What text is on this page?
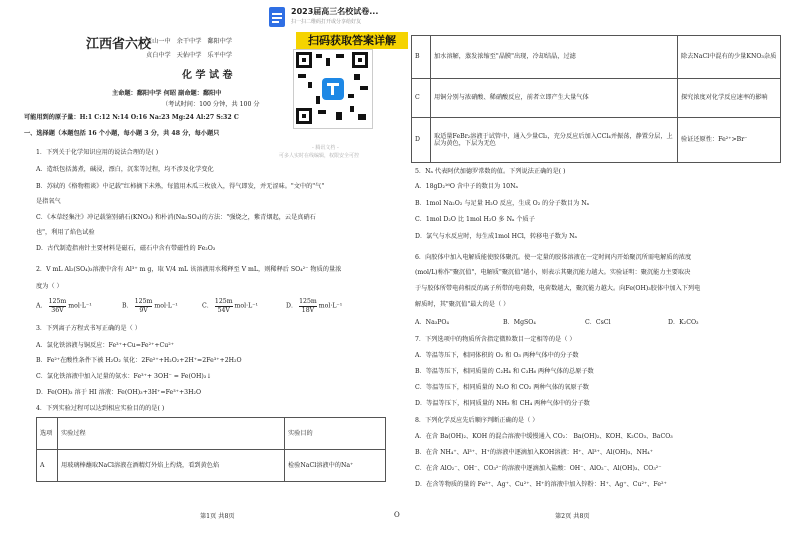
江西省六校
玉山一中 余干中学 鄱阳中学
贞白中学 天佑中学 乐平中学
化 学 试 卷
主命题：鄱阳中学 何昭 副命题：鄱阳中
（考试时间：100 分钟，共 100 分
可能用到的原子量：H:1 C:12 N:14 O:16 Na:23 Mg:24 Al:27 S:32 C
一、选择题（本题包括 16 个小题，每小题 3 分，共 48 分，每小题只
1．下列关于化学知识应用的说法合理的是( )
A．造纸包括蒸煮，碱浸，漂白，沉浆等过程，均不涉及化学变化
B．苏轼的《格物粗谈》中记载"红柿摘下未熟，每篮用木瓜三枚放入，得气即发，并无涩味。"文中的"气"
是指氧气
C．《本草经集注》冲记载鉴别硝石(KNO₃) 和朴消(Na₂SO₄)的方法："强烧之，紫青烟起，云是真硝石
也"，利用了焰色试验
D．古代制造指南针主要材料是磁石，磁石中含有带磁性的 Fe₂O₃
2．V mL Al₂(SO₄)₃溶液中含有 Al³⁺ m g，取 V/4 mL 该溶液用水稀释至 V mL，则稀释后 SO₄²⁻ 物质的量浓
度为（ ）
A． $\frac{125m}{36V} mol\cdot L^{-1}$	B． $\frac{125m}{9V} mol\cdot L^{-1}$	C． $\frac{125m}{54V} mol\cdot L^{-1}$	D． $\frac{125m}{18V} mol\cdot L^{-1}$
3．下列离子方程式书写正确的是（ ）
A．氯化铁溶液与铜反应：Fe³⁺+Cu=Fe²⁺+Cu²⁺
B．Fe²⁺在酸性条件下被 H₂O₂ 氧化：2Fe²⁺+H₂O₂+2H⁺=2Fe³⁺+2H₂O
C．氯化铁溶液中加入足量的氨水：Fe³⁺+ 3OH⁻ = Fe(OH)₃↓
D．Fe(OH)₃ 溶于 HI 溶液：Fe(OH)₃+3H⁺=Fe³⁺+3H₂O
4．下列实验过程可以达到相应实验目的的是( )
选项	实验过程	实验目的
A	用玻璃棒蘸取NaCl溶液在酒精灯外焰上灼烧，看到黄色焰	检验NaCl溶液中的Na⁺
第1页 共8页	O
B	加水溶解，蒸发浓缩至"晶膜"出现，冷却结晶，过滤	除去NaCl中混有的少量KNO₃杂质
C	用铜分别与浓硝酸、稀硝酸反应，前者立即产生大量气体	探究浓度对化学反应速率的影响
D	取适量FeBr₂溶液于试管中，通入少量Cl₂，充分反应后加入CCl₄并振荡，静置分层，上层为黄色，下层为无色	验证还原性：Fe²⁺>Br⁻
5．Nₐ 代表阿伏加德罗常数的值。下列说法正确的是( )
A．18gD₂¹⁶O 含中子的数目为 10Nₐ
B．1mol Na₂O₂ 与足量 H₂O 反应，生成 O₂ 的分子数目为 Nₐ
C．1mol D₂O 比 1mol H₂O 多 Nₐ 个质子
D．氯气与水反应时，每生成1mol HCl，转移电子数为 Nₐ
6．向胶体中加入电解质能使胶体聚沉。使一定量的胶体溶液在一定时间内开始聚沉所需电解质的浓度
(mol/L)称作"聚沉值"，电解质"聚沉值"越小，则表示其聚沉能力越大。实验证明：聚沉能力主要取决
于与胶体所带电荷相反的离子所带的电荷数，电荷数越大，聚沉能力越大。向Fe(OH)₃胶体中加入下列电
解质时，其"聚沉值"最大的是（ ）
A．Na₃PO₄	B．MgSO₄	C．CsCl	D．K₂CO₃
7．下列选项中的物质所含指定微粒数目一定相等的是（ ）
A．等温等压下，相同体积的 O₂ 和 O₃ 两种气体中的分子数
B．等温等压下，相同质量的 C₂H₄ 和 C₃H₆ 两种气体的总原子数
C．等温等压下，相同质量的 N₂O 和 CO₂ 两种气体的氧原子数
D．等温等压下，相同质量的 NH₃ 和 CH₄ 两种气体中的分子数
8．下列化学反应先后顺序判断正确的是（ ）
A．在含 Ba(OH)₂、KOH 的混合溶液中缓慢通入 CO₂： Ba(OH)₂、KOH、K₂CO₃、BaCO₃
B．在含 NH₄⁺、Al³⁺、H⁺的溶液中逐滴加入KOH溶液：H⁺、Al³⁺、Al(OH)₃、NH₄⁺
C．在含 AlO₂⁻、OH⁻、CO₃²⁻的溶液中逐滴加入盐酸：OH⁻、AlO₂⁻、Al(OH)₃、CO₃²⁻
D．在含等物质的量的 Fe²⁺、Ag⁺、Cu²⁺、H⁺的溶液中加入锌粉：H⁺、Ag⁺、Cu²⁺、Fe²⁺
第2页 共8页
2023届高三名校试卷...
扫一扫二维码打开或分享给好友
- 腾讯文档 -
可多人实时在线编辑，权限安全可控
扫码获取答案详解
